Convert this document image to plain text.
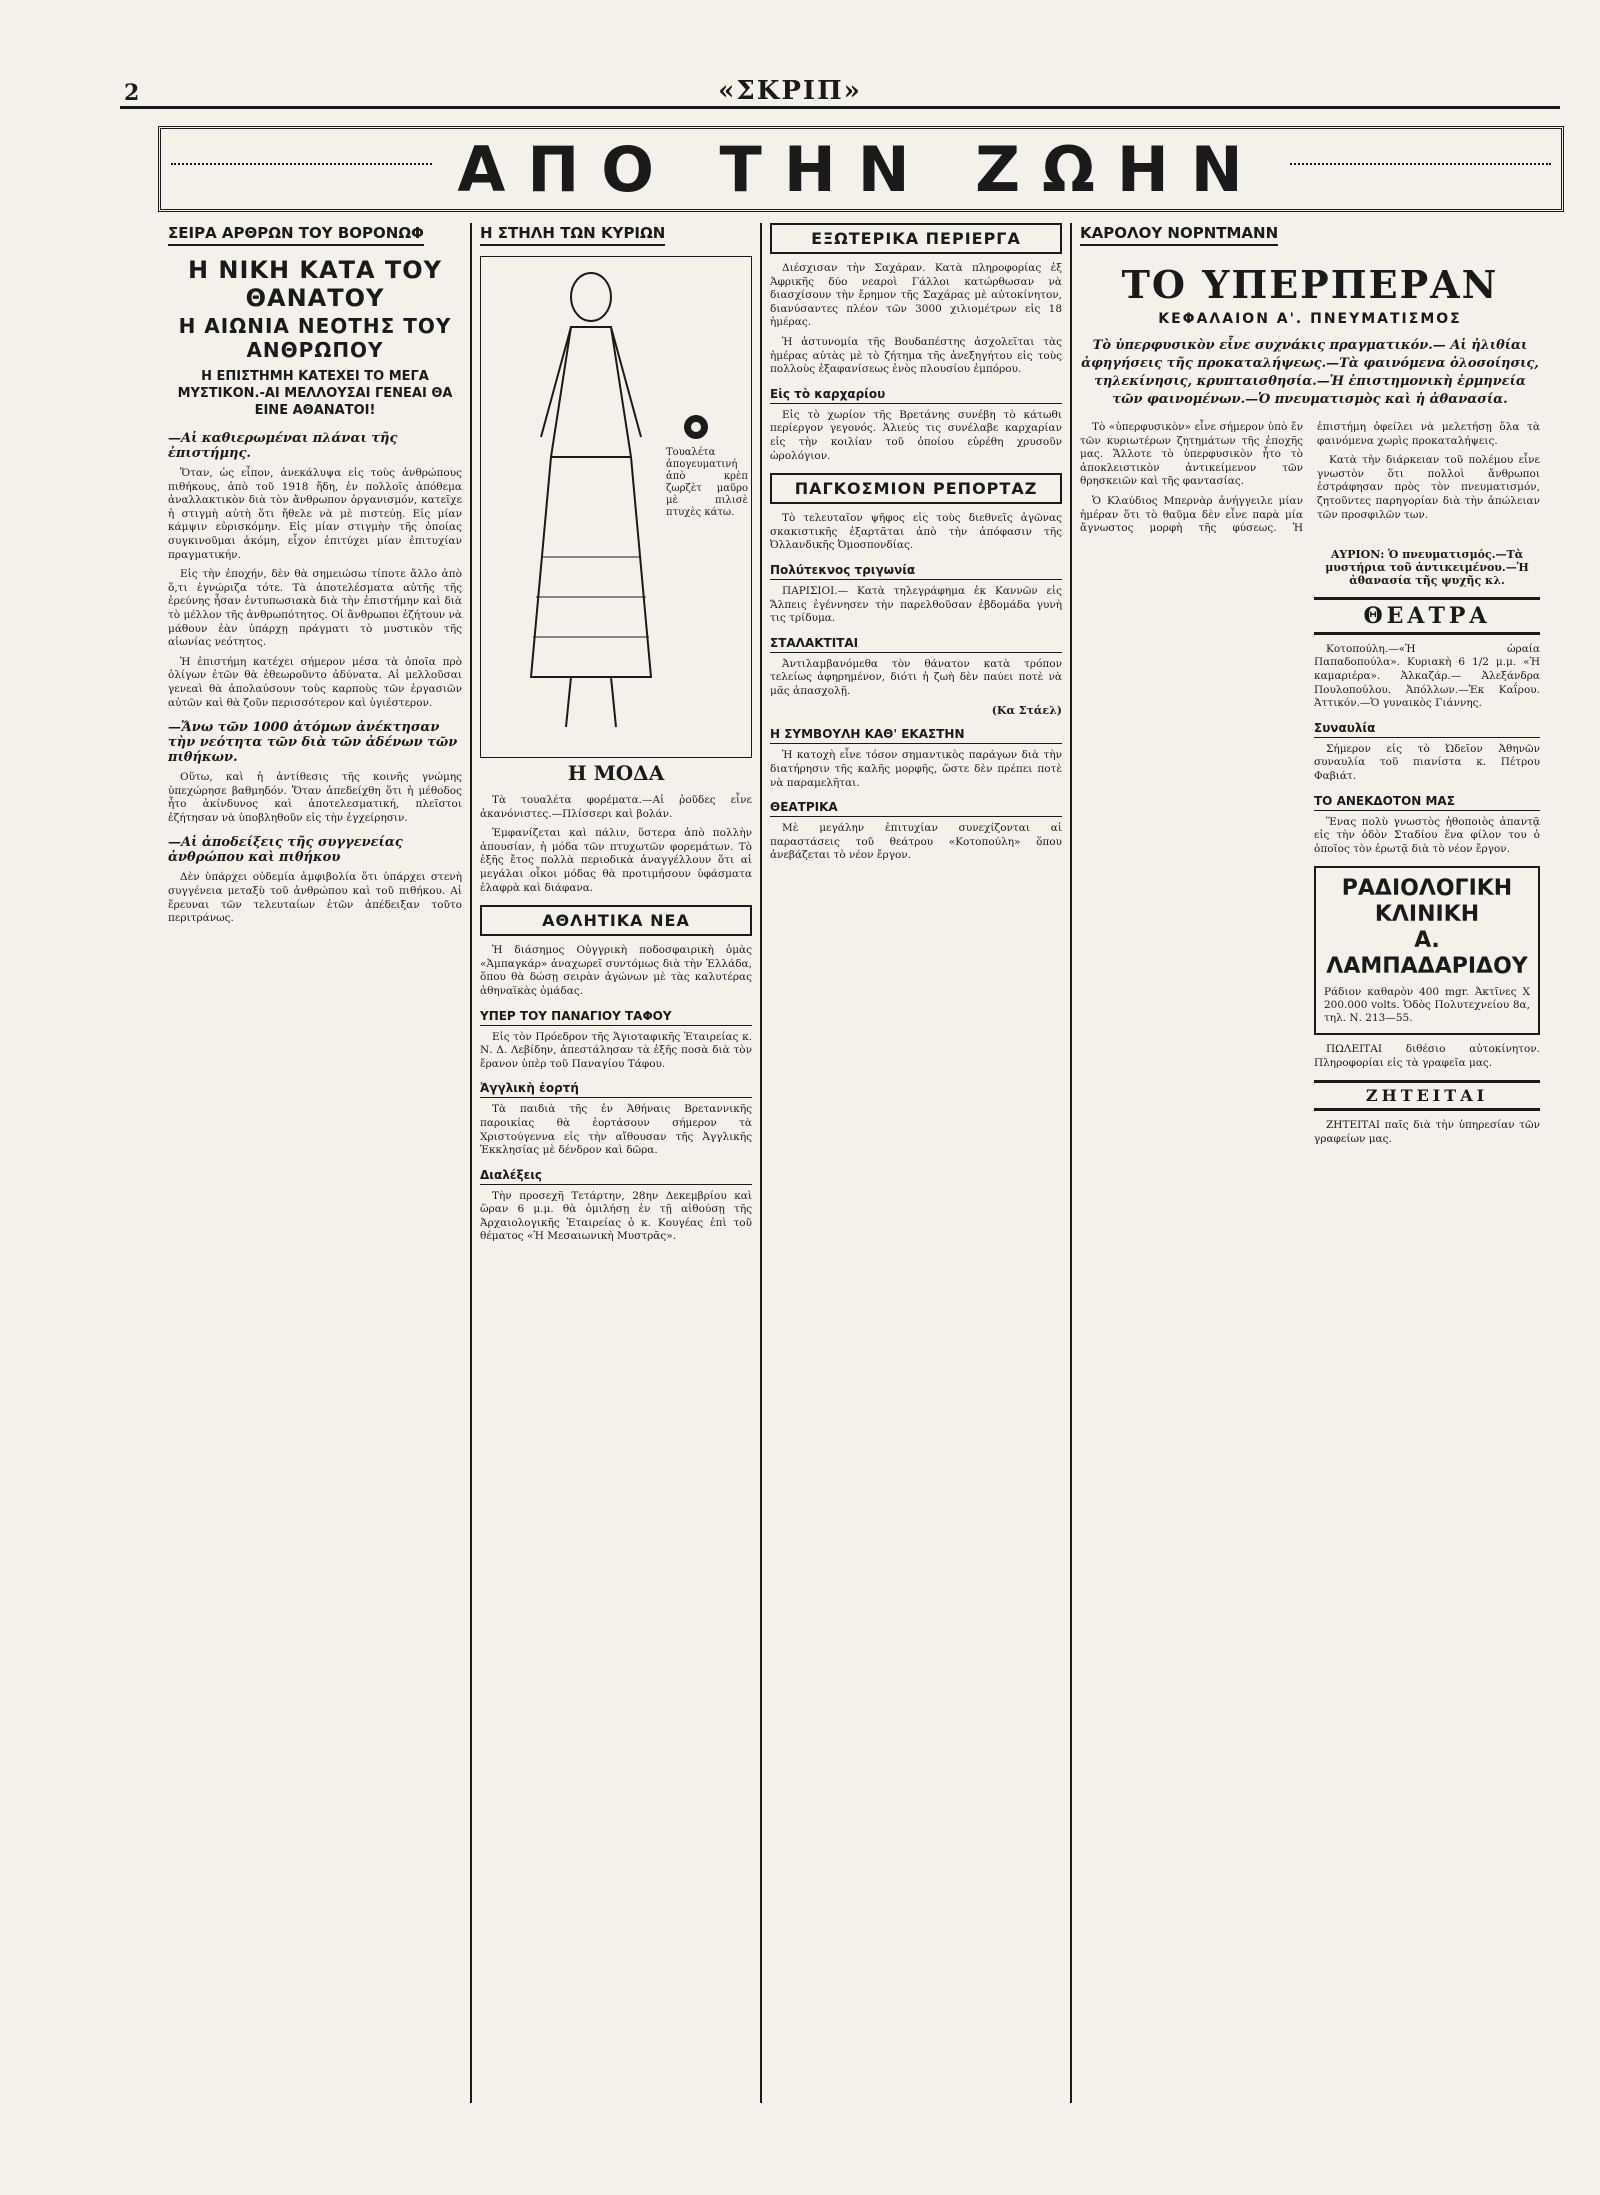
2	«ΣΚΡΙΠ»
ΑΠΟ ΤΗΝ ΖΩΗΝ
ΣΕΙΡΑ ΑΡΘΡΩΝ ΤΟΥ ΒΟΡΟΝΩΦ
Η ΝΙΚΗ ΚΑΤΑ ΤΟΥ ΘΑΝΑΤΟΥ
Η ΑΙΩΝΙΑ ΝΕΟΤΗΣ ΤΟΥ ΑΝΘΡΩΠΟΥ
Η ΕΠΙΣΤΗΜΗ ΚΑΤΕΧΕΙ ΤΟ ΜΕΓΑ ΜΥΣΤΙΚΟΝ.-ΑΙ ΜΕΛΛΟΥΣΑΙ ΓΕΝΕΑΙ ΘΑ ΕΙΝΕ ΑΘΑΝΑΤΟΙ!
—Αἱ καθιερωμέναι πλάναι τῆς ἐπιστήμης.

Ὅταν, ὡς εἶπον, ἀνεκάλυψα εἰς τοὺς ἀνθρώπους πιθήκους, ἀπὸ τοῦ 1918 ἤδη, ἐν πολλοῖς ἀπόθεμα ἀναλλακτικὸν διὰ τὸν ἄνθρωπον ὀργανισμόν, κατεῖχε ἡ στιγμὴ αὐτὴ ὅτι ἤθελε νὰ μὲ πιστεύῃ. Εἰς μίαν κάμψιν εὐρισκόμην. Εἰς μίαν στιγμὴν τῆς ὁποίας συγκινοῦμαι ἀκόμη, εἶχον ἐπιτύχει μίαν ἐπιτυχίαν πραγματικήν.

Εἰς τὴν ἐποχήν, δὲν θὰ σημειώσω τίποτε ἄλλο ἀπὸ ὅ,τι ἐγνώριζα τότε. Τὰ ἀποτελέσματα αὐτῆς τῆς ἐρεύνης ἦσαν ἐντυπωσιακὰ διὰ τὴν ἐπιστήμην καὶ διὰ τὸ μέλλον τῆς ἀνθρωπότητος. Οἱ ἄνθρωποι ἐζήτουν νὰ μάθουν ἐὰν ὑπάρχῃ πράγματι τὸ μυστικὸν τῆς αἰωνίας νεότητος.

Ἡ ἐπιστήμη κατέχει σήμερον μέσα τὰ ὁποῖα πρὸ ὀλίγων ἐτῶν θὰ ἐθεωροῦντο ἀδύνατα. Αἱ μελλοῦσαι γενεαὶ θὰ ἀπολαύσουν τοὺς καρποὺς τῶν ἐργασιῶν αὐτῶν καὶ θὰ ζοῦν περισσότερον καὶ ὑγιέστερον.

—Ἄνω τῶν 1000 ἀτόμων ἀνέκτησαν τὴν νεότητα τῶν διὰ τῶν ἀδένων τῶν πιθήκων.

Οὕτω, καὶ ἡ ἀντίθεσις τῆς κοινῆς γνώμης ὑπεχώρησε βαθμηδόν. Ὅταν ἀπεδείχθη ὅτι ἡ μέθοδος ἦτο ἀκίνδυνος καὶ ἀποτελεσματική, πλεῖστοι ἐζήτησαν νὰ ὑποβληθοῦν εἰς τὴν ἐγχείρησιν.

—Αἱ ἀποδείξεις τῆς συγγενείας ἀνθρώπου καὶ πιθήκου

Δὲν ὑπάρχει οὐδεμία ἀμφιβολία ὅτι ὑπάρχει στενὴ συγγένεια μεταξὺ τοῦ ἀνθρώπου καὶ τοῦ πιθήκου. Αἱ ἔρευναι τῶν τελευταίων ἐτῶν ἀπέδειξαν τοῦτο περιτράνως.

Η ΣΤΗΛΗ ΤΩΝ ΚΥΡΙΩΝ
Τουαλέτα ἀπογευματινή ἀπὸ κρὲπ ζωρζὲτ μαῦρο μὲ πιλισὲ πτυχὲς κάτω.
Η ΜΟΔΑ

Τὰ τουαλέτα φορέματα.—Αἱ ῥοῦδες εἶνε ἀκανόνιστες.—Πλίσσερι καὶ βολάν.

Ἐμφανίζεται καὶ πάλιν, ὕστερα ἀπὸ πολλὴν ἀπουσίαν, ἡ μόδα τῶν πτυχωτῶν φορεμάτων. Τὸ ἐξῆς ἔτος πολλὰ περιοδικὰ ἀναγγέλλουν ὅτι αἱ μεγάλαι οἶκοι μόδας θὰ προτιμήσουν ὑφάσματα ἐλαφρὰ καὶ διάφανα.

ΑΘΛΗΤΙΚΑ ΝΕΑ

Ἡ διάσημος Οὐγγρικὴ ποδοσφαιρικὴ ὁμὰς «Ἁμπαγκάρ» ἀναχωρεῖ συντόμως διὰ τὴν Ἑλλάδα, ὅπου θὰ δώσῃ σειρὰν ἀγώνων μὲ τὰς καλυτέρας ἀθηναϊκὰς ὁμάδας.

ΥΠΕΡ ΤΟΥ ΠΑΝΑΓΙΟΥ ΤΑΦΟΥ

Εἰς τὸν Πρόεδρον τῆς Ἁγιοταφικῆς Ἑταιρείας κ. Ν. Δ. Λεβίδην, ἀπεστάλησαν τὰ ἑξῆς ποσὰ διὰ τὸν ἔρανον ὑπὲρ τοῦ Παναγίου Τάφου.

Ἀγγλικὴ ἑορτή

Τὰ παιδιὰ τῆς ἐν Ἀθήναις Βρεταννικῆς παροικίας θὰ ἑορτάσουν σήμερον τὰ Χριστούγεννα εἰς τὴν αἴθουσαν τῆς Ἀγγλικῆς Ἐκκλησίας μὲ δένδρον καὶ δῶρα.

Διαλέξεις

Τὴν προσεχῆ Τετάρτην, 28ην Δεκεμβρίου καὶ ὥραν 6 μ.μ. θὰ ὁμιλήσῃ ἐν τῇ αἰθούσῃ τῆς Ἀρχαιολογικῆς Ἑταιρείας ὁ κ. Κουγέας ἐπὶ τοῦ θέματος «Ἡ Μεσαιωνικὴ Μυστρᾶς».

ΕΞΩΤΕΡΙΚΑ ΠΕΡΙΕΡΓΑ

Διέσχισαν τὴν Σαχάραν. Κατὰ πληροφορίας ἐξ Ἀφρικῆς δύο νεαροὶ Γάλλοι κατώρθωσαν νὰ διασχίσουν τὴν ἔρημον τῆς Σαχάρας μὲ αὐτοκίνητον, διανύσαντες πλέον τῶν 3000 χιλιομέτρων εἰς 18 ἡμέρας.

Ἡ ἀστυνομία τῆς Βουδαπέστης ἀσχολεῖται τὰς ἡμέρας αὐτὰς μὲ τὸ ζήτημα τῆς ἀνεξηγήτου εἰς τοὺς πολλοὺς ἐξαφανίσεως ἑνὸς πλουσίου ἐμπόρου.

Εἰς τὸ καρχαρίου

Εἰς τὸ χωρίον τῆς Βρετάνης συνέβη τὸ κάτωθι περίεργον γεγονός. Ἁλιεύς τις συνέλαβε καρχαρίαν εἰς τὴν κοιλίαν τοῦ ὁποίου εὑρέθη χρυσοῦν ὡρολόγιον.

ΠΑΓΚΟΣΜΙΟΝ ΡΕΠΟΡΤΑΖ

Τὸ τελευταῖον ψῆφος εἰς τοὺς διεθνεῖς ἀγῶνας σκακιστικῆς ἐξαρτᾶται ἀπὸ τὴν ἀπόφασιν τῆς Ὀλλανδικῆς Ὀμοσπονδίας.

Πολύτεκνος τριγωνία

ΠΑΡΙΣΙΟΙ.— Κατὰ τηλεγράφημα ἐκ Καννῶν εἰς Ἄλπεις ἐγέννησεν τὴν παρελθοῦσαν ἑβδομάδα γυνὴ τις τρίδυμα.

ΣΤΑΛΑΚΤΙΤΑΙ

Ἀντιλαμβανόμεθα τὸν θάνατον κατὰ τρόπον τελείως ἀφηρημένον, διότι ἡ ζωὴ δὲν παύει ποτὲ νὰ μᾶς ἀπασχολῇ.

(Κα Στάελ)
Η ΣΥΜΒΟΥΛΗ ΚΑΘ' ΕΚΑΣΤΗΝ

Ἡ κατοχὴ εἶνε τόσον σημαντικὸς παράγων διὰ τὴν διατήρησιν τῆς καλῆς μορφῆς, ὥστε δὲν πρέπει ποτὲ νὰ παραμελῆται.

ΘΕΑΤΡΙΚΑ

Μὲ μεγάλην ἐπιτυχίαν συνεχίζονται αἱ παραστάσεις τοῦ θεάτρου «Κοτοπούλη» ὅπου ἀνεβάζεται τὸ νέον ἔργον.

ΚΑΡΟΛΟΥ ΝΟΡΝΤΜΑΝΝ
ΤΟ ΥΠΕΡΠΕΡΑΝ
ΚΕΦΑΛΑΙΟΝ Α'. ΠΝΕΥΜΑΤΙΣΜΟΣ
Τὸ ὑπερφυσικὸν εἶνε συχνάκις πραγματικόν.— Αἱ ἠλιθίαι ἀφηγήσεις τῆς προκαταλήψεως.—Τὰ φαινόμενα ὁλοσοίησις, τηλεκίνησις, κρυπταισθησία.—Ἡ ἐπιστημονικὴ ἑρμηνεία τῶν φαινομένων.—Ὁ πνευματισμὸς καὶ ἡ ἀθανασία.

Τὸ «ὑπερφυσικὸν» εἶνε σήμερον ὑπὸ ἔν τῶν κυριωτέρων ζητημάτων τῆς ἐποχῆς μας. Ἄλλοτε τὸ ὑπερφυσικὸν ἦτο τὸ ἀποκλειστικὸν ἀντικείμενον τῶν θρησκειῶν καὶ τῆς φαντασίας.

Ὁ Κλαύδιος Μπερνὰρ ἀνήγγειλε μίαν ἡμέραν ὅτι τὸ θαῦμα δὲν εἶνε παρὰ μία ἄγνωστος μορφὴ τῆς φύσεως. Ἡ ἐπιστήμη ὀφείλει νὰ μελετήσῃ ὅλα τὰ φαινόμενα χωρὶς προκαταλήψεις.

Κατὰ τὴν διάρκειαν τοῦ πολέμου εἶνε γνωστὸν ὅτι πολλοὶ ἄνθρωποι ἐστράφησαν πρὸς τὸν πνευματισμόν, ζητοῦντες παρηγορίαν διὰ τὴν ἀπώλειαν τῶν προσφιλῶν των.

ΑΥΡΙΟΝ: Ὁ πνευματισμός.—Τὰ μυστήρια τοῦ ἀντικειμένου.—Ἡ ἀθανασία τῆς ψυχῆς κλ.
ΘΕΑΤΡΑ

Κοτοπούλη.—«Ἡ ὡραία Παπαδοπούλα». Κυριακὴ 6 1/2 μ.μ. «Ἡ καμαριέρα». Ἀλκαζάρ.— Ἀλεξάνδρα Πουλοπούλου. Ἀπόλλων.—Ἐκ Καΐρου. Ἀττικόν.—Ὁ γυναικὸς Γιάννης.

Συναυλία

Σήμερον εἰς τὸ Ὠδεῖον Ἀθηνῶν συναυλία τοῦ πιανίστα κ. Πέτρου Φαβιάτ.

ΤΟ ΑΝΕΚΔΟΤΟΝ ΜΑΣ

Ἕνας πολὺ γνωστὸς ἡθοποιὸς ἀπαντᾷ εἰς τὴν ὁδὸν Σταδίου ἕνα φίλον του ὁ ὁποῖος τὸν ἐρωτᾷ διὰ τὸ νέον ἔργον.

ΡΑΔΙΟΛΟΓΙΚΗ ΚΛΙΝΙΚΗ
Α. ΛΑΜΠΑΔΑΡΙΔΟΥ
Ράδιον καθαρὸν 400 mgr. Ἀκτῖνες Χ 200.000 volts. Ὁδὸς Πολυτεχνείου 8α, τηλ. Ν. 213—55.

ΠΩΛΕΙΤΑΙ διθέσιο αὐτοκίνητον. Πληροφορίαι εἰς τὰ γραφεῖα μας.

ΖΗΤΕΙΤΑΙ

ΖΗΤΕΙΤΑΙ παῖς διὰ τὴν ὑπηρεσίαν τῶν γραφείων μας.
